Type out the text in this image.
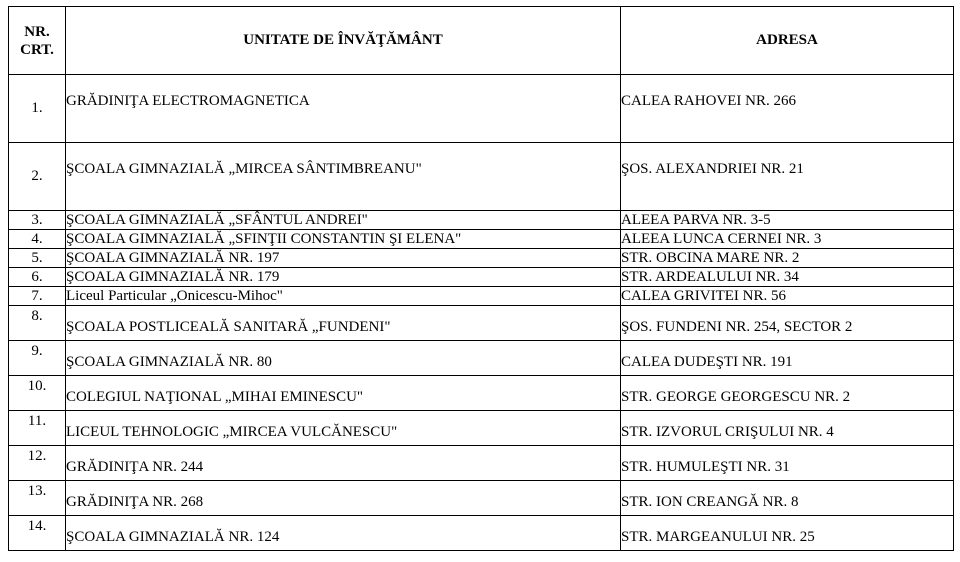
NR.
CRT.	UNITATE DE ÎNVĂŢĂMÂNT	ADRESA
1.	GRĂDINIŢA ELECTROMAGNETICA	CALEA RAHOVEI NR. 266
2.	ŞCOALA GIMNAZIALĂ „MIRCEA SÂNTIMBREANU"	ŞOS. ALEXANDRIEI NR. 21
3.	ŞCOALA GIMNAZIALĂ „SFÂNTUL ANDREI"	ALEEA PARVA NR. 3-5
4.	ŞCOALA GIMNAZIALĂ „SFINŢII CONSTANTIN ŞI ELENA"	ALEEA LUNCA CERNEI NR. 3
5.	ŞCOALA GIMNAZIALĂ NR. 197	STR. OBCINA MARE NR. 2
6.	ŞCOALA GIMNAZIALĂ NR. 179	STR. ARDEALULUI NR. 34
7.	Liceul Particular „Onicescu-Mihoc"	CALEA GRIVITEI NR. 56
8.	ŞCOALA POSTLICEALĂ SANITARĂ „FUNDENI"	ŞOS. FUNDENI NR. 254, SECTOR 2
9.	ŞCOALA GIMNAZIALĂ NR. 80	CALEA DUDEŞTI NR. 191
10.	COLEGIUL NAŢIONAL „MIHAI EMINESCU"	STR. GEORGE GEORGESCU NR. 2
11.	LICEUL TEHNOLOGIC „MIRCEA VULCĂNESCU"	STR. IZVORUL CRIŞULUI NR. 4
12.	GRĂDINIŢA NR. 244	STR. HUMULEŞTI NR. 31
13.	GRĂDINIŢA NR. 268	STR. ION CREANGĂ NR. 8
14.	ŞCOALA GIMNAZIALĂ NR. 124	STR. MARGEANULUI NR. 25
